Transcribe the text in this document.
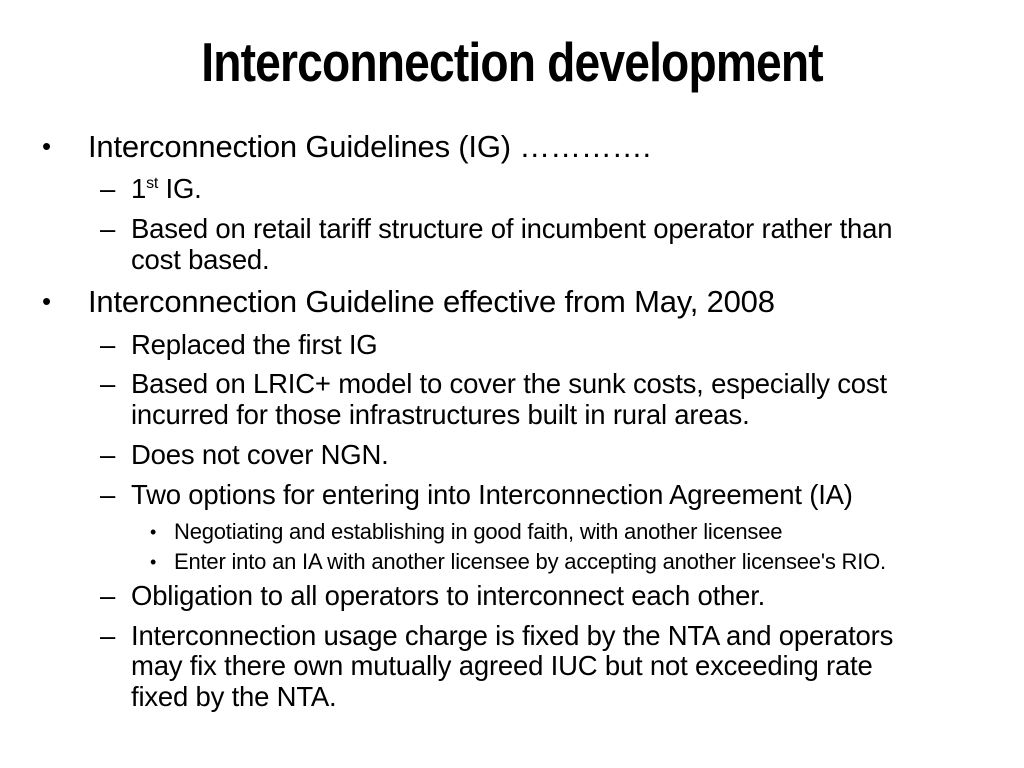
Interconnection development
•	Interconnection Guidelines (IG) ………….
– 1st IG.
– Based on retail tariff structure of incumbent operator rather than
cost based.
•	Interconnection Guideline effective from May, 2008
– Replaced the first IG
– Based on LRIC+ model to cover the sunk costs, especially cost
incurred for those infrastructures built in rural areas.
– Does not cover NGN.
– Two options for entering into Interconnection Agreement (IA)
• Negotiating and establishing in good faith, with another licensee
• Enter into an IA with another licensee by accepting another licensee's RIO.
– Obligation to all operators to interconnect each other.
– Interconnection usage charge is fixed by the NTA and operators
may fix there own mutually agreed IUC but not exceeding rate
fixed by the NTA.
